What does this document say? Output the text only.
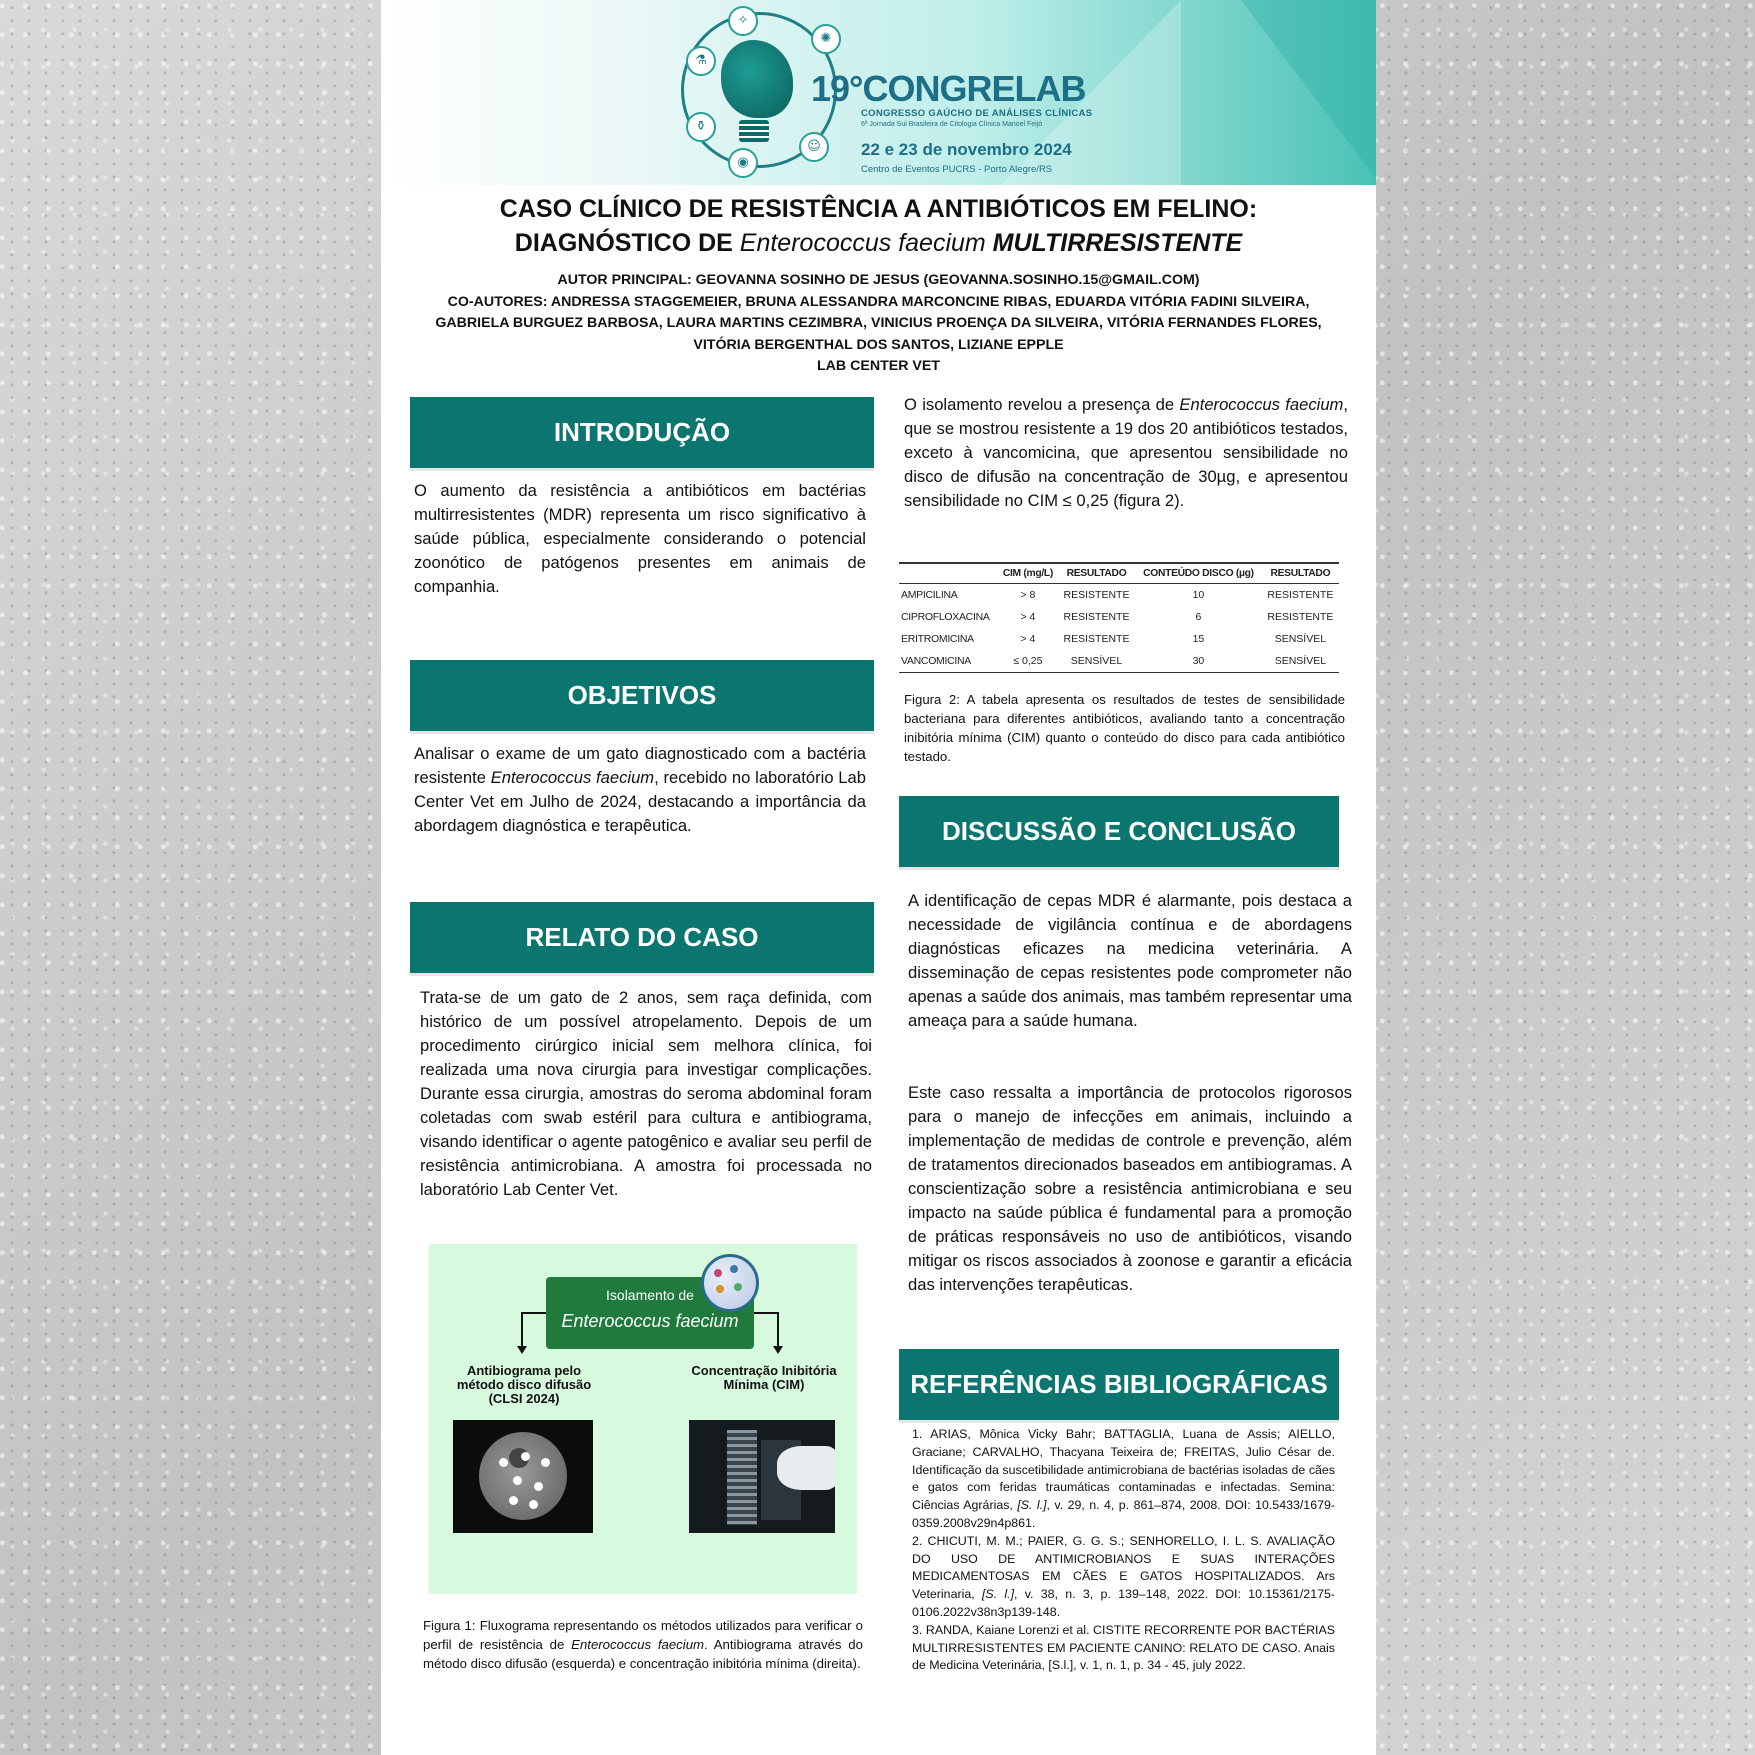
✧
⚗
⚱
◉
☺
✺
19°CONGRELAB
CONGRESSO GAÚCHO DE ANÁLISES CLÍNICAS
6ª Jornada Sul Brasileira de Citologia Clínica Manoel Feijó
22 e 23 de novembro 2024
Centro de Eventos PUCRS - Porto Alegre/RS
CASO CLÍNICO DE RESISTÊNCIA A ANTIBIÓTICOS EM FELINO:
DIAGNÓSTICO DE Enterococcus faecium MULTIRRESISTENTE
AUTOR PRINCIPAL: GEOVANNA SOSINHO DE JESUS (GEOVANNA.SOSINHO.15@GMAIL.COM)
CO-AUTORES: ANDRESSA STAGGEMEIER, BRUNA ALESSANDRA MARCONCINE RIBAS, EDUARDA VITÓRIA FADINI SILVEIRA,
GABRIELA BURGUEZ BARBOSA, LAURA MARTINS CEZIMBRA, VINICIUS PROENÇA DA SILVEIRA, VITÓRIA FERNANDES FLORES,
VITÓRIA BERGENTHAL DOS SANTOS, LIZIANE EPPLE
LAB CENTER VET
INTRODUÇÃO
O aumento da resistência a antibióticos em bactérias multirresistentes (MDR) representa um risco significativo à saúde pública, especialmente considerando o potencial zoonótico de patógenos presentes em animais de companhia.
OBJETIVOS
Analisar o exame de um gato diagnosticado com a bactéria resistente Enterococcus faecium, recebido no laboratório Lab Center Vet em Julho de 2024, destacando a importância da abordagem diagnóstica e terapêutica.
RELATO DO CASO
Trata-se de um gato de 2 anos, sem raça definida, com histórico de um possível atropelamento. Depois de um procedimento cirúrgico inicial sem melhora clínica, foi realizada uma nova cirurgia para investigar complicações. Durante essa cirurgia, amostras do seroma abdominal foram coletadas com swab estéril para cultura e antibiograma, visando identificar o agente patogênico e avaliar seu perfil de resistência antimicrobiana. A amostra foi processada no laboratório Lab Center Vet.
Isolamento de
Enterococcus faecium
Antibiograma pelo método disco difusão (CLSI 2024)
Concentração Inibitória Mínima (CIM)
Figura 1: Fluxograma representando os métodos utilizados para verificar o perfil de resistência de Enterococcus faecium. Antibiograma através do método disco difusão (esquerda) e concentração inibitória mínima (direita).
O isolamento revelou a presença de Enterococcus faecium, que se mostrou resistente a 19 dos 20 antibióticos testados, exceto à vancomicina, que apresentou sensibilidade no disco de difusão na concentração de 30µg, e apresentou sensibilidade no CIM ≤ 0,25 (figura 2).
	CIM (mg/L)	RESULTADO	CONTEÚDO DISCO (µg)	RESULTADO
AMPICILINA	> 8	RESISTENTE	10	RESISTENTE
CIPROFLOXACINA	> 4	RESISTENTE	6	RESISTENTE
ERITROMICINA	> 4	RESISTENTE	15	SENSÍVEL
VANCOMICINA	≤ 0,25	SENSÍVEL	30	SENSÍVEL
Figura 2: A tabela apresenta os resultados de testes de sensibilidade bacteriana para diferentes antibióticos, avaliando tanto a concentração inibitória mínima (CIM) quanto o conteúdo do disco para cada antibiótico testado.
DISCUSSÃO E CONCLUSÃO
A identificação de cepas MDR é alarmante, pois destaca a necessidade de vigilância contínua e de abordagens diagnósticas eficazes na medicina veterinária. A disseminação de cepas resistentes pode comprometer não apenas a saúde dos animais, mas também representar uma ameaça para a saúde humana.
Este caso ressalta a importância de protocolos rigorosos para o manejo de infecções em animais, incluindo a implementação de medidas de controle e prevenção, além de tratamentos direcionados baseados em antibiogramas. A conscientização sobre a resistência antimicrobiana e seu impacto na saúde pública é fundamental para a promoção de práticas responsáveis no uso de antibióticos, visando mitigar os riscos associados à zoonose e garantir a eficácia das intervenções terapêuticas.
REFERÊNCIAS BIBLIOGRÁFICAS

1. ARIAS, Mônica Vicky Bahr; BATTAGLIA, Luana de Assis; AIELLO, Graciane; CARVALHO, Thacyana Teixeira de; FREITAS, Julio César de. Identificação da suscetibilidade antimicrobiana de bactérias isoladas de cães e gatos com feridas traumáticas contaminadas e infectadas. Semina: Ciências Agrárias, [S. l.], v. 29, n. 4, p. 861–874, 2008. DOI: 10.5433/1679-0359.2008v29n4p861.

2. CHICUTI, M. M.; PAIER, G. G. S.; SENHORELLO, I. L. S. AVALIAÇÃO DO USO DE ANTIMICROBIANOS E SUAS INTERAÇÕES MEDICAMENTOSAS EM CÃES E GATOS HOSPITALIZADOS. Ars Veterinaria, [S. l.], v. 38, n. 3, p. 139–148, 2022. DOI: 10.15361/2175-0106.2022v38n3p139-148.

3. RANDA, Kaiane Lorenzi et al. CISTITE RECORRENTE POR BACTÉRIAS MULTIRRESISTENTES EM PACIENTE CANINO: RELATO DE CASO. Anais de Medicina Veterinária, [S.l.], v. 1, n. 1, p. 34 - 45, july 2022.
